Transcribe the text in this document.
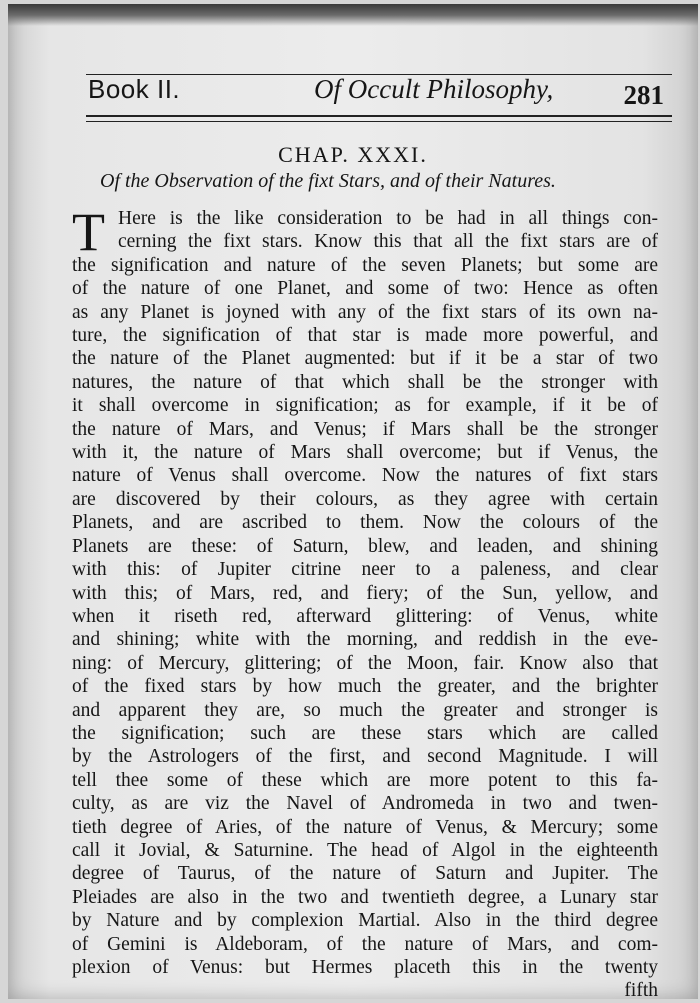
Book II.	Of Occult Philosophy,	281
CHAP. XXXI.
Of the Observation of the fixt Stars, and of their Natures.
T Here is the like consideration to be had in all things con-
cerning the fixt stars. Know this that all the fixt stars are of
the signification and nature of the seven Planets; but some are
of the nature of one Planet, and some of two: Hence as often
as any Planet is joyned with any of the fixt stars of its own na-
ture, the signification of that star is made more powerful, and
the nature of the Planet augmented: but if it be a star of two
natures, the nature of that which shall be the stronger with
it shall overcome in signification; as for example, if it be of
the nature of Mars, and Venus; if Mars shall be the stronger
with it, the nature of Mars shall overcome; but if Venus, the
nature of Venus shall overcome. Now the natures of fixt stars
are discovered by their colours, as they agree with certain
Planets, and are ascribed to them. Now the colours of the
Planets are these: of Saturn, blew, and leaden, and shining
with this: of Jupiter citrine neer to a paleness, and clear
with this; of Mars, red, and fiery; of the Sun, yellow, and
when it riseth red, afterward glittering: of Venus, white
and shining; white with the morning, and reddish in the eve-
ning: of Mercury, glittering; of the Moon, fair. Know also that
of the fixed stars by how much the greater, and the brighter
and apparent they are, so much the greater and stronger is
the signification; such are these stars which are called
by the Astrologers of the first, and second Magnitude. I will
tell thee some of these which are more potent to this fa-
culty, as are viz the Navel of Andromeda in two and twen-
tieth degree of Aries, of the nature of Venus, & Mercury; some
call it Jovial, & Saturnine. The head of Algol in the eighteenth
degree of Taurus, of the nature of Saturn and Jupiter. The
Pleiades are also in the two and twentieth degree, a Lunary star
by Nature and by complexion Martial. Also in the third degree
of Gemini is Aldeboram, of the nature of Mars, and com-
plexion of Venus: but Hermes placeth this in the twenty
fifth
